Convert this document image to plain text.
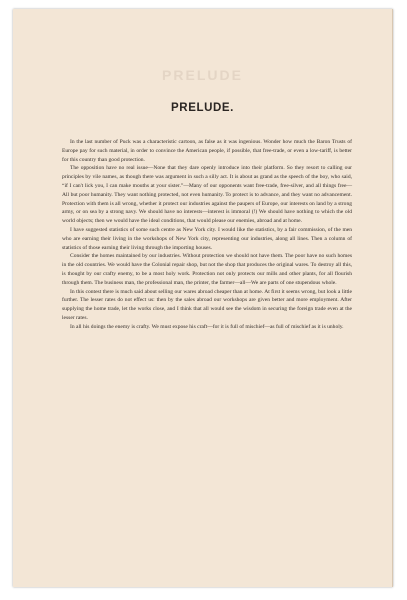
PRELUDE
PRELUDE.

In the last number of Puck was a characteristic cartoon, as false as it was ingenious. Wonder how much the Baron Trusts of Europe pay for such material, in order to convince the American people, if possible, that free-trade, or even a low-tariff, is better for this country than good protection.

The opposition have no real issue—None that they dare openly introduce into their platform. So they resort to calling our principles by vile names, as though there was argument in such a silly act. It is about as grand as the speech of the boy, who said, “if I can't lick you, I can make mouths at your sister.”—Many of our opponents want free-trade, free-silver, and all things free—All but poor humanity. They want nothing protected, not even humanity. To protect is to advance, and they want no advancement. Protection with them is all wrong, whether it protect our industries against the paupers of Europe, our interests on land by a strong army, or on sea by a strong navy. We should have no interests—interest is immoral (!) We should have nothing to which the old world objects; then we would have the ideal conditions, that would please our enemies, abroad and at home.

I have suggested statistics of some such centre as New York city. I would like the statistics, by a fair commission, of the men who are earning their living in the workshops of New York city, representing our industries, along all lines. Then a column of statistics of those earning their living through the importing houses.

Consider the homes maintained by our industries. Without protection we should not have them. The poor have no such homes in the old countries. We would have the Colonial repair shop, but not the shop that produces the original wares. To destroy all this, is thought by our crafty enemy, to be a most holy work. Protection not only protects our mills and other plants, for all flourish through them. The business man, the professional man, the printer, the farmer—all—We are parts of one stupendous whole.

In this contest there is much said about selling our wares abroad cheaper than at home. At first it seems wrong, but look a little further. The lesser rates do not effect us: then by the sales abroad our workshops are given better and more employment. After supplying the home trade, let the works close, and I think that all would see the wisdom in securing the foreign trade even at the lesser rates.

In all his doings the enemy is crafty. We must expose his craft—for it is full of mischief—as full of mischief as it is unholy.
